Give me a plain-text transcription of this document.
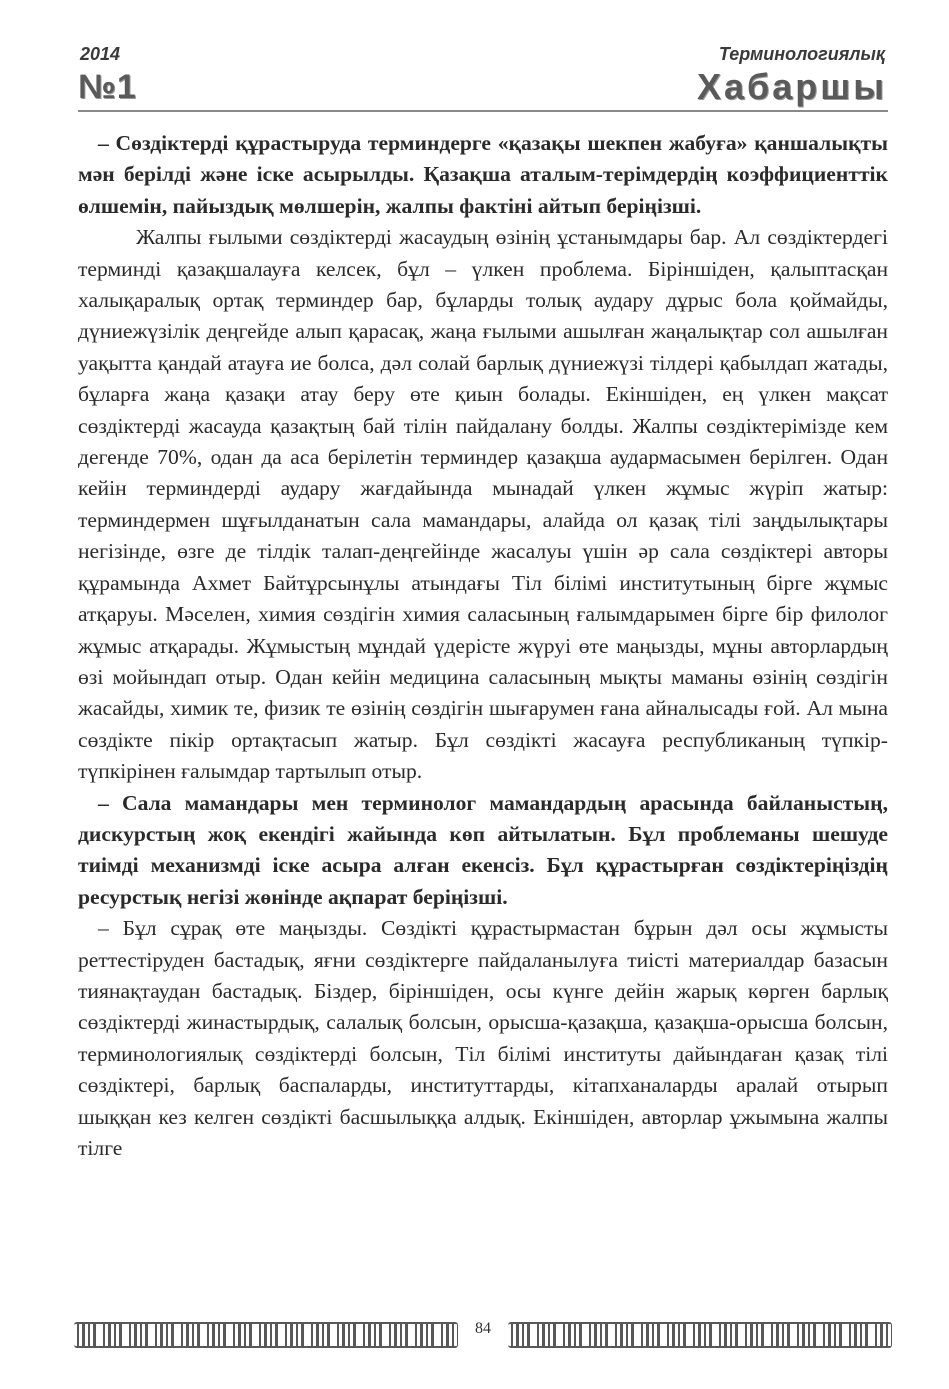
2014
№1
Терминологиялық
Хабаршы

– Сөздіктерді құрастыруда терминдерге «қазақы шекпен жабуға» қаншалықты мән берілді және іске асырылды. Қазақша аталым-терімдердің коэффициенттік өлшемін, пайыздық мөлшерін, жалпы фактіні айтып беріңізші.

Жалпы ғылыми сөздіктерді жасаудың өзінің ұстанымдары бар. Ал сөздіктердегі терминді қазақшалауға келсек, бұл – үлкен проблема. Біріншіден, қалыптасқан халықаралық ортақ терминдер бар, бұларды толық аудару дұрыс бола қоймайды, дүниежүзілік деңгейде алып қарасақ, жаңа ғылыми ашылған жаңалықтар сол ашылған уақытта қандай атауға ие болса, дәл солай барлық дүниежүзі тілдері қабылдап жатады, бұларға жаңа қазақи атау беру өте қиын болады. Екіншіден, ең үлкен мақсат сөздіктерді жасауда қазақтың бай тілін пайдалану болды. Жалпы сөздіктерімізде кем дегенде 70%, одан да аса берілетін терминдер қазақша аудармасымен берілген. Одан кейін терминдерді аудару жағдайында мынадай үлкен жұмыс жүріп жатыр: терминдермен шұғылданатын сала мамандары, алайда ол қазақ тілі заңдылықтары негізінде, өзге де тілдік талап-деңгейінде жасалуы үшін әр сала сөздіктері авторы құрамында Ахмет Байтұрсынұлы атындағы Тіл білімі институтының бірге жұмыс атқаруы. Мәселен, химия сөздігін химия саласының ғалымдарымен бірге бір филолог жұмыс атқарады. Жұмыстың мұндай үдерісте жүруі өте маңызды, мұны авторлардың өзі мойындап отыр. Одан кейін медицина саласының мықты маманы өзінің сөздігін жасайды, химик те, физик те өзінің сөздігін шығарумен ғана айналысады ғой. Ал мына сөздікте пікір ортақтасып жатыр. Бұл сөздікті жасауға республиканың түпкір-түпкірінен ғалымдар тартылып отыр.

– Сала мамандары мен терминолог мамандардың арасында байланыстың, дискурстың жоқ екендігі жайында көп айтылатын. Бұл проблеманы шешуде тиімді механизмді іске асыра алған екенсіз. Бұл құрастырған сөздіктеріңіздің ресурстық негізі жөнінде ақпарат беріңізші.

– Бұл сұрақ өте маңызды. Сөздікті құрастырмастан бұрын дәл осы жұмысты реттестіруден бастадық, яғни сөздіктерге пайдаланылуға тиісті материалдар базасын тиянақтаудан бастадық. Біздер, біріншіден, осы күнге дейін жарық көрген барлық сөздіктерді жинастырдық, салалық болсын, орысша-қазақша, қазақша-орысша болсын, терминологиялық сөздіктерді болсын, Тіл білімі институты дайындаған қазақ тілі сөздіктері, барлық баспаларды, институттарды, кітапханаларды аралай отырып шыққан кез келген сөздікті басшылыққа алдық. Екіншіден, авторлар ұжымына жалпы тілге

84
